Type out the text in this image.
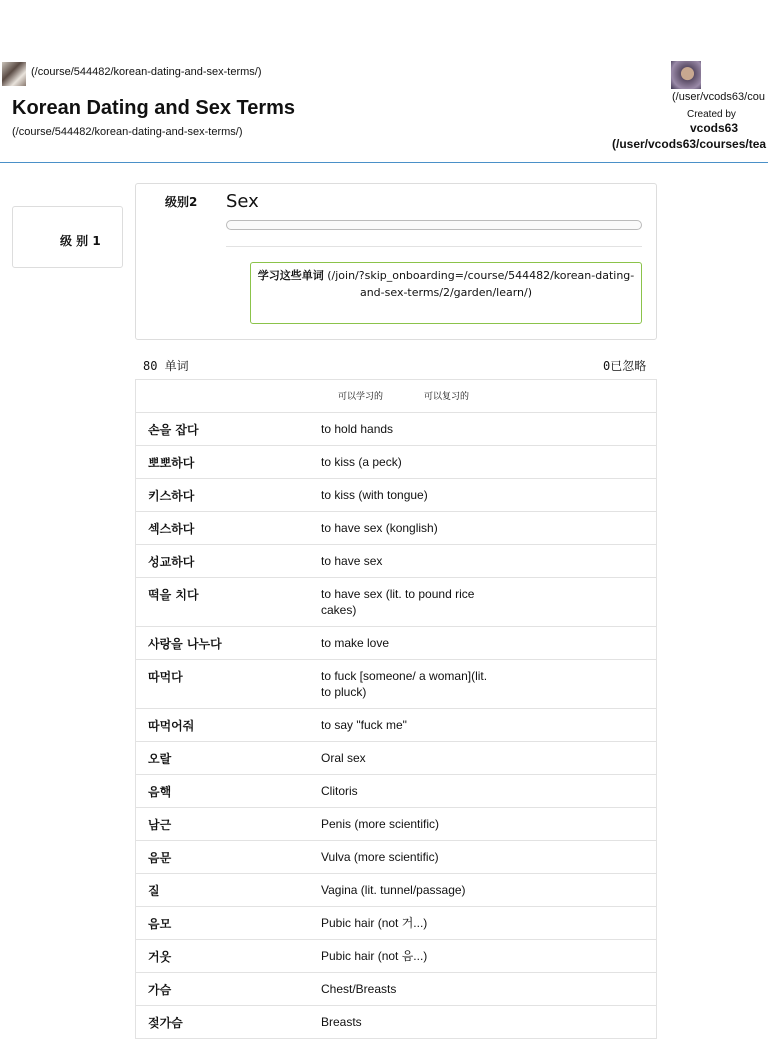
(/course/544482/korean-dating-and-sex-terms/)
Korean Dating and Sex Terms
(/course/544482/korean-dating-and-sex-terms/)
(/user/vcods63/cou
Created by
vcods63
(/user/vcods63/courses/tea
级 别 1
级别2 Sex
学习这些单词 (/join/?skip_onboarding=/course/544482/korean-dating-and-sex-terms/2/garden/learn/)
80 单词	0已忽略
可以学习的	可以复习的
손을 잡다	to hold hands
뽀뽀하다	to kiss (a peck)
키스하다	to kiss (with tongue)
섹스하다	to have sex (konglish)
성교하다	to have sex
떡을 치다	to have sex (lit. to pound rice cakes)
사랑을 나누다	to make love
따먹다	to fuck [someone/ a woman](lit. to pluck)
따먹어줘	to say "fuck me"
오랄	Oral sex
음핵	Clitoris
남근	Penis (more scientific)
음문	Vulva (more scientific)
질	Vagina (lit. tunnel/passage)
음모	Pubic hair (not 거...)
거웃	Pubic hair (not 음...)
가슴	Chest/Breasts
젖가슴	Breasts
